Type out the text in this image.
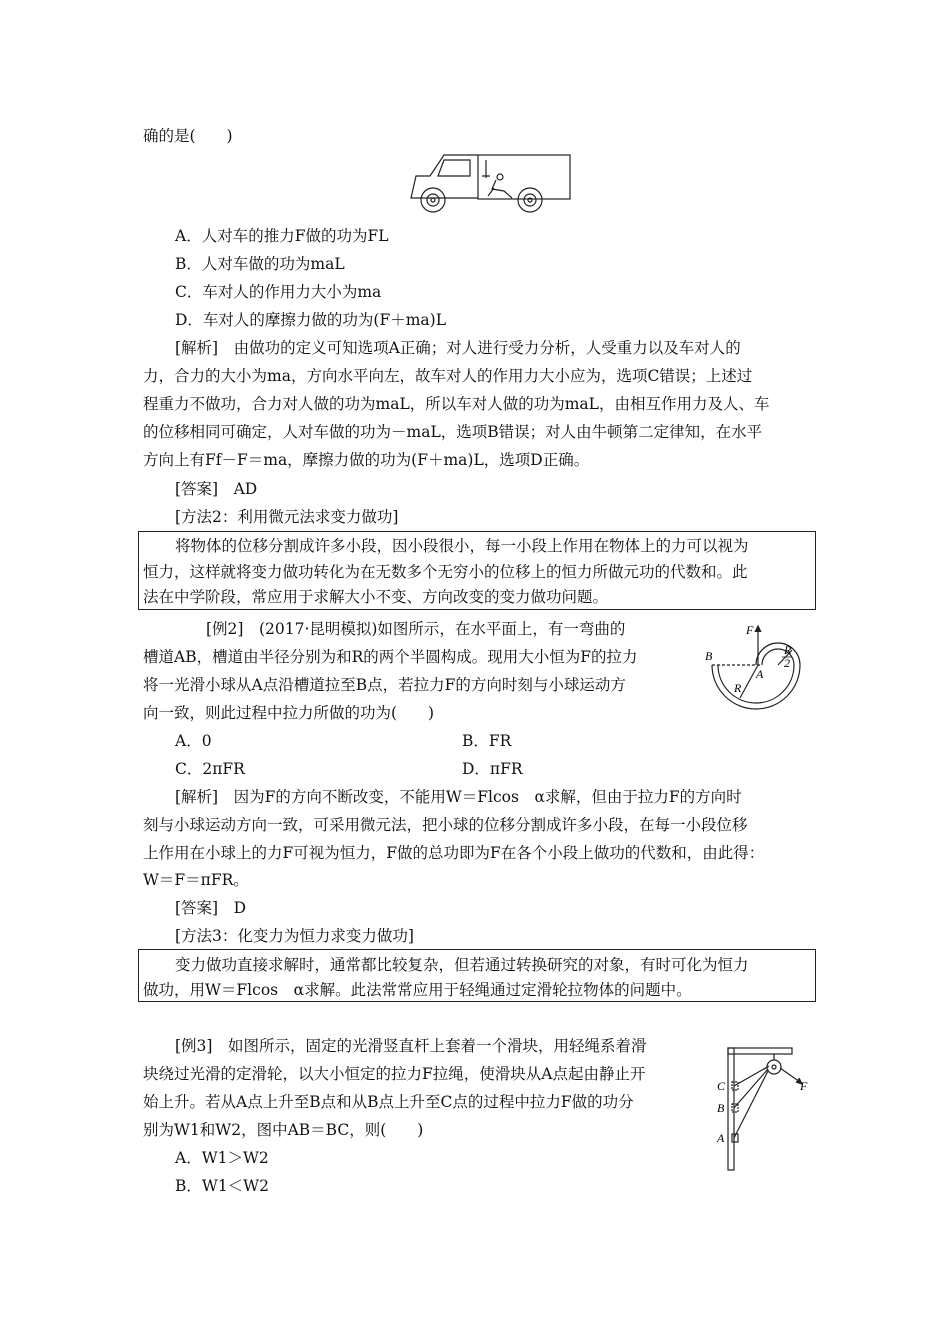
确的是(　　)
A．人对车的推力F做的功为FL
B．人对车做的功为maL
C．车对人的作用力大小为ma
D．车对人的摩擦力做的功为(F＋ma)L
[解析]　由做功的定义可知选项A正确；对人进行受力分析，人受重力以及车对人的
力，合力的大小为ma，方向水平向左，故车对人的作用力大小应为，选项C错误；上述过
程重力不做功，合力对人做的功为maL，所以车对人做的功为maL，由相互作用力及人、车
的位移相同可确定，人对车做的功为－maL，选项B错误；对人由牛顿第二定律知，在水平
方向上有Ff－F＝ma，摩擦力做的功为(F＋ma)L，选项D正确。
[答案]　AD
[方法2：利用微元法求变力做功]
将物体的位移分割成许多小段，因小段很小，每一小段上作用在物体上的力可以视为
恒力，这样就将变力做功转化为在无数多个无穷小的位移上的恒力所做元功的代数和。此
法在中学阶段，常应用于求解大小不变、方向改变的变力做功问题。
[例2]　(2017·昆明模拟)如图所示，在水平面上，有一弯曲的
槽道AB，槽道由半径分别为和R的两个半圆构成。现用大小恒为F的拉力
将一光滑小球从A点沿槽道拉至B点，若拉力F的方向时刻与小球运动方
向一致，则此过程中拉力所做的功为(　　)
F
B
A
R
R
2
A．0	B．FR
C．2πFR	D．πFR
[解析]　因为F的方向不断改变，不能用W＝Flcos　α求解，但由于拉力F的方向时
刻与小球运动方向一致，可采用微元法，把小球的位移分割成许多小段，在每一小段位移
上作用在小球上的力F可视为恒力，F做的总功即为F在各个小段上做功的代数和，由此得：
W＝F＝πFR。
[答案]　D
[方法3：化变力为恒力求变力做功]
变力做功直接求解时，通常都比较复杂，但若通过转换研究的对象，有时可化为恒力
做功，用W＝Flcos　α求解。此法常常应用于轻绳通过定滑轮拉物体的问题中。
[例3]　如图所示，固定的光滑竖直杆上套着一个滑块，用轻绳系着滑
块绕过光滑的定滑轮，以大小恒定的拉力F拉绳，使滑块从A点起由静止开
始上升。若从A点上升至B点和从B点上升至C点的过程中拉力F做的功分
别为W1和W2，图中AB＝BC，则(　　)
C
B
A
F
A．W1＞W2
B．W1＜W2
